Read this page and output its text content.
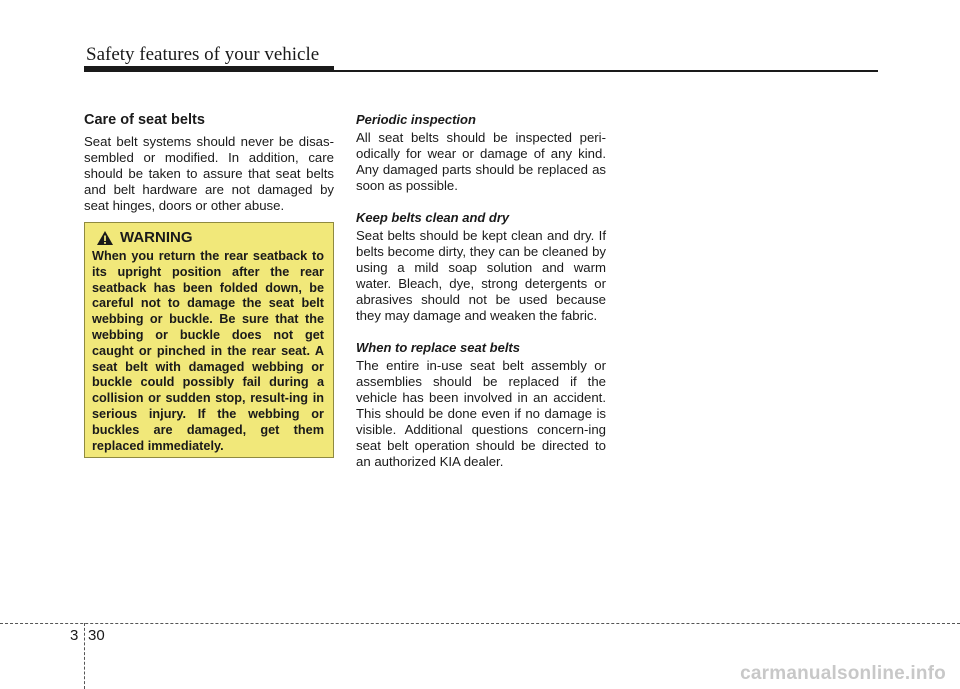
Safety features of your vehicle
Care of seat belts

Seat belt systems should never be disas-sembled or modified. In addition, care should be taken to assure that seat belts and belt hardware are not damaged by seat hinges, doors or other abuse.

WARNING

When you return the rear seatback to its upright position after the rear seatback has been folded down, be careful not to damage the seat belt webbing or buckle. Be sure that the webbing or buckle does not get caught or pinched in the rear seat. A seat belt with damaged webbing or buckle could possibly fail during a collision or sudden stop, result-ing in serious injury. If the webbing or buckles are damaged, get them replaced immediately.

Periodic inspection

All seat belts should be inspected peri-odically for wear or damage of any kind. Any damaged parts should be replaced as soon as possible.

Keep belts clean and dry

Seat belts should be kept clean and dry. If belts become dirty, they can be cleaned by using a mild soap solution and warm water. Bleach, dye, strong detergents or abrasives should not be used because they may damage and weaken the fabric.

When to replace seat belts

The entire in-use seat belt assembly or assemblies should be replaced if the vehicle has been involved in an accident. This should be done even if no damage is visible. Additional questions concern-ing seat belt operation should be directed to an authorized KIA dealer.

3 30
carmanualsonline.info
